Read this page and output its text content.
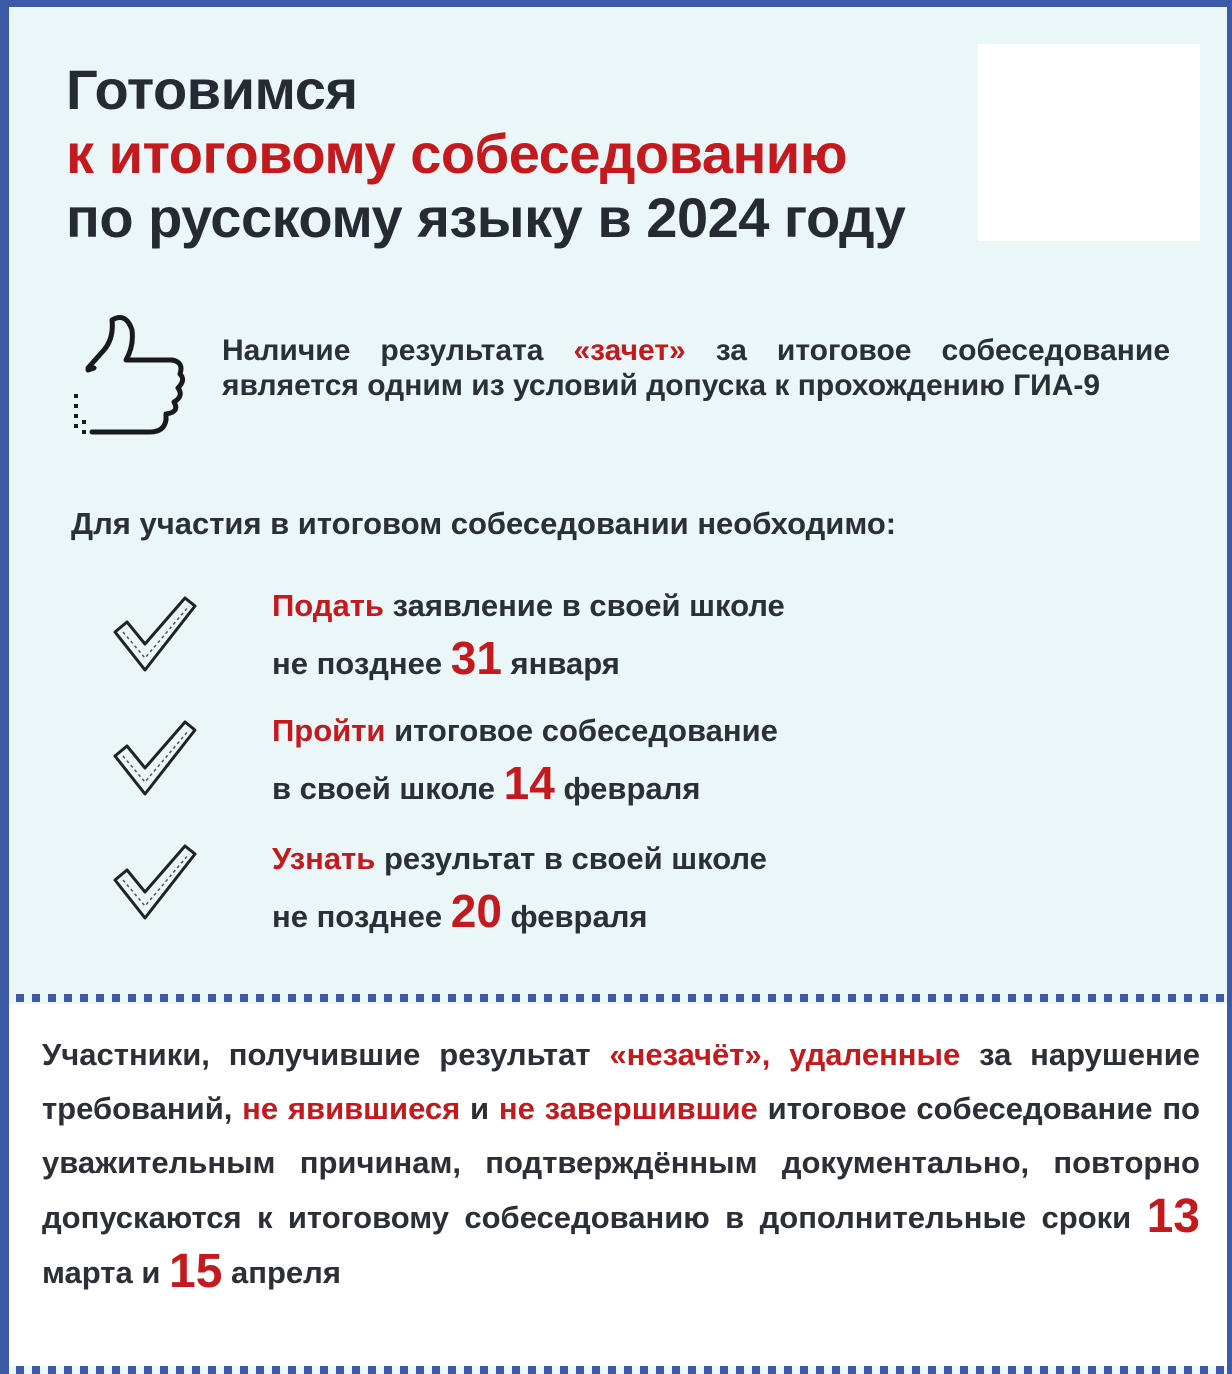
Готовимся
к итоговому собеседованию
по русскому языку в 2024 году
Наличие результата «зачет» за итоговое собеседование является одним из условий допуска к прохождению ГИА-9
Для участия в итоговом собеседовании необходимо:
Подать заявление в своей школе
не позднее 31 января
Пройти итоговое собеседование
в своей школе 14 февраля
Узнать результат в своей школе
не позднее 20 февраля
Участники, получившие результат «незачёт», удаленные за нарушение требований, не явившиеся и не завершившие итоговое собеседование по уважительным причинам, подтверждённым документально, повторно допускаются к итоговому собеседованию в дополнительные сроки 13 марта и 15 апреля
